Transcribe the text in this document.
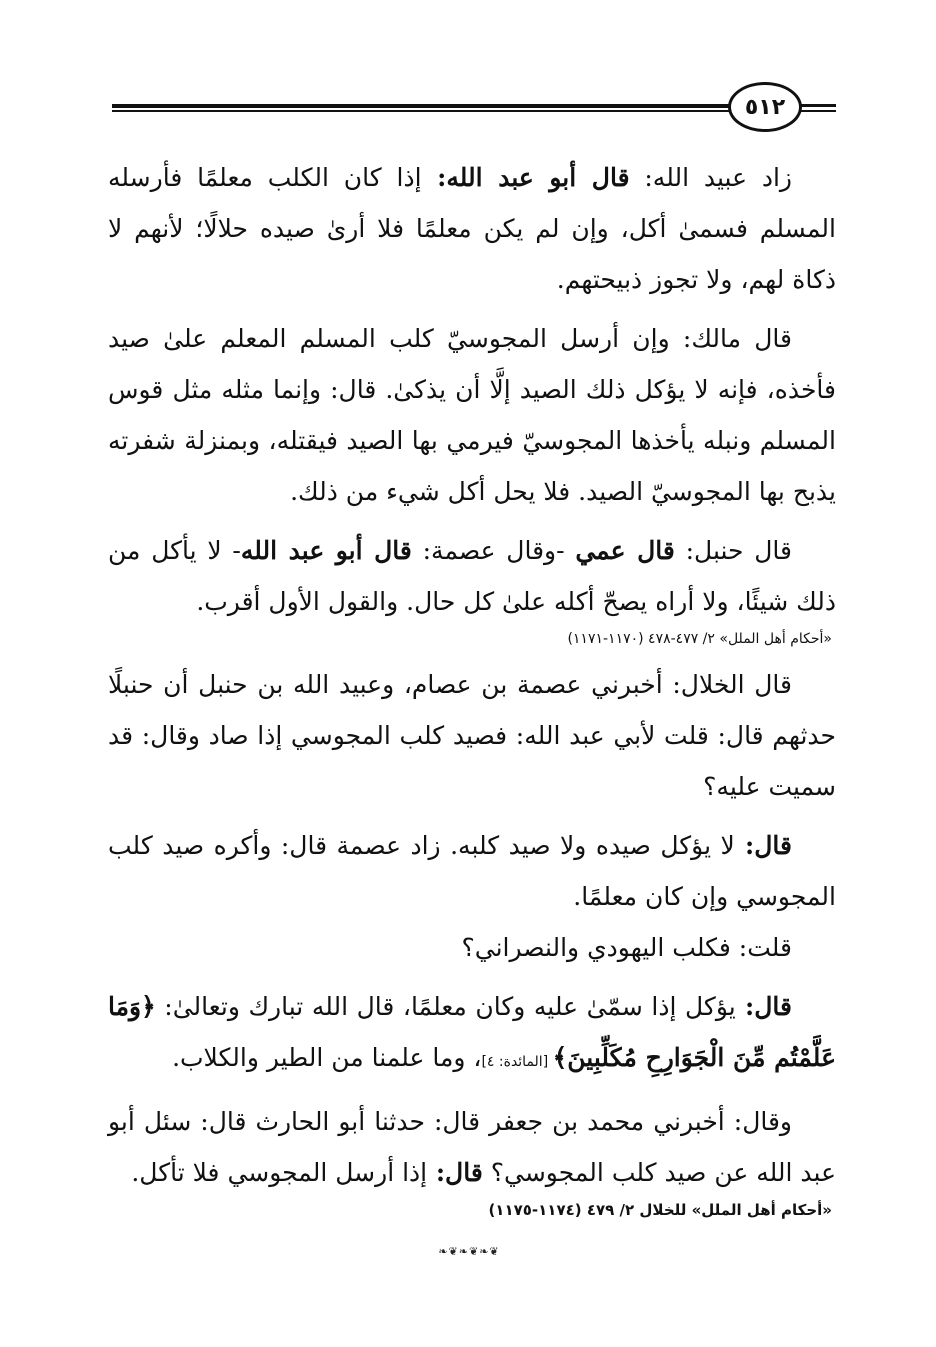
٥١٢

زاد عبيد الله: قال أبو عبد الله: إذا كان الكلب معلمًا فأرسله المسلم فسمىٰ أكل، وإن لم يكن معلمًا فلا أرىٰ صيده حلالًا؛ لأنهم لا ذكاة لهم، ولا تجوز ذبيحتهم.

قال مالك: وإن أرسل المجوسيّ كلب المسلم المعلم علىٰ صيد فأخذه، فإنه لا يؤكل ذلك الصيد إلَّا أن يذكىٰ. قال: وإنما مثله مثل قوس المسلم ونبله يأخذها المجوسيّ فيرمي بها الصيد فيقتله، وبمنزلة شفرته يذبح بها المجوسيّ الصيد. فلا يحل أكل شيء من ذلك.

قال حنبل: قال عمي -وقال عصمة: قال أبو عبد الله- لا يأكل من ذلك شيئًا، ولا أراه يصحّ أكله علىٰ كل حال. والقول الأول أقرب.

«أحكام أهل الملل» ٢/ ٤٧٧-٤٧٨ (١١٧٠-١١٧١)

قال الخلال: أخبرني عصمة بن عصام، وعبيد الله بن حنبل أن حنبلًا حدثهم قال: قلت لأبي عبد الله: فصيد كلب المجوسي إذا صاد وقال: قد سميت عليه؟

قال: لا يؤكل صيده ولا صيد كلبه. زاد عصمة قال: وأكره صيد كلب المجوسي وإن كان معلمًا.

قلت: فكلب اليهودي والنصراني؟

قال: يؤكل إذا سمّىٰ عليه وكان معلمًا، قال الله تبارك وتعالىٰ: ﴿وَمَا عَلَّمْتُم مِّنَ الْجَوَارِحِ مُكَلِّبِينَ﴾ [المائدة: ٤]، وما علمنا من الطير والكلاب.

وقال: أخبرني محمد بن جعفر قال: حدثنا أبو الحارث قال: سئل أبو عبد الله عن صيد كلب المجوسي؟ قال: إذا أرسل المجوسي فلا تأكل.

«أحكام أهل الملل» للخلال ٢/ ٤٧٩ (١١٧٤-١١٧٥)

❧❦❧❦❧❦
